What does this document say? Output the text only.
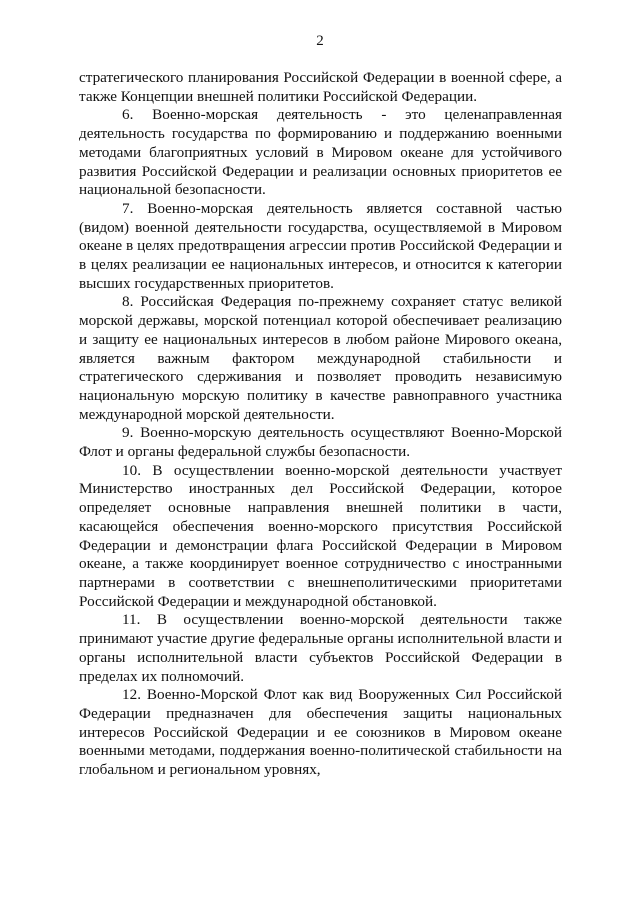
2

стратегического планирования Российской Федерации в военной сфере, а также Концепции внешней политики Российской Федерации.

6. Военно-морская деятельность - это целенаправленная деятельность государства по формированию и поддержанию военными методами благоприятных условий в Мировом океане для устойчивого развития Российской Федерации и реализации основных приоритетов ее национальной безопасности.

7. Военно-морская деятельность является составной частью (видом) военной деятельности государства, осуществляемой в Мировом океане в целях предотвращения агрессии против Российской Федерации и в целях реализации ее национальных интересов, и относится к категории высших государственных приоритетов.

8. Российская Федерация по-прежнему сохраняет статус великой морской державы, морской потенциал которой обеспечивает реализацию и защиту ее национальных интересов в любом районе Мирового океана, является важным фактором международной стабильности и стратегического сдерживания и позволяет проводить независимую национальную морскую политику в качестве равноправного участника международной морской деятельности.

9. Военно-морскую деятельность осуществляют Военно-Морской Флот и органы федеральной службы безопасности.

10. В осуществлении военно-морской деятельности участвует Министерство иностранных дел Российской Федерации, которое определяет основные направления внешней политики в части, касающейся обеспечения военно-морского присутствия Российской Федерации и демонстрации флага Российской Федерации в Мировом океане, а также координирует военное сотрудничество с иностранными партнерами в соответствии с внешнеполитическими приоритетами Российской Федерации и международной обстановкой.

11. В осуществлении военно-морской деятельности также принимают участие другие федеральные органы исполнительной власти и органы исполнительной власти субъектов Российской Федерации в пределах их полномочий.

12. Военно-Морской Флот как вид Вооруженных Сил Российской Федерации предназначен для обеспечения защиты национальных интересов Российской Федерации и ее союзников в Мировом океане военными методами, поддержания военно-политической стабильности на глобальном и региональном уровнях,
